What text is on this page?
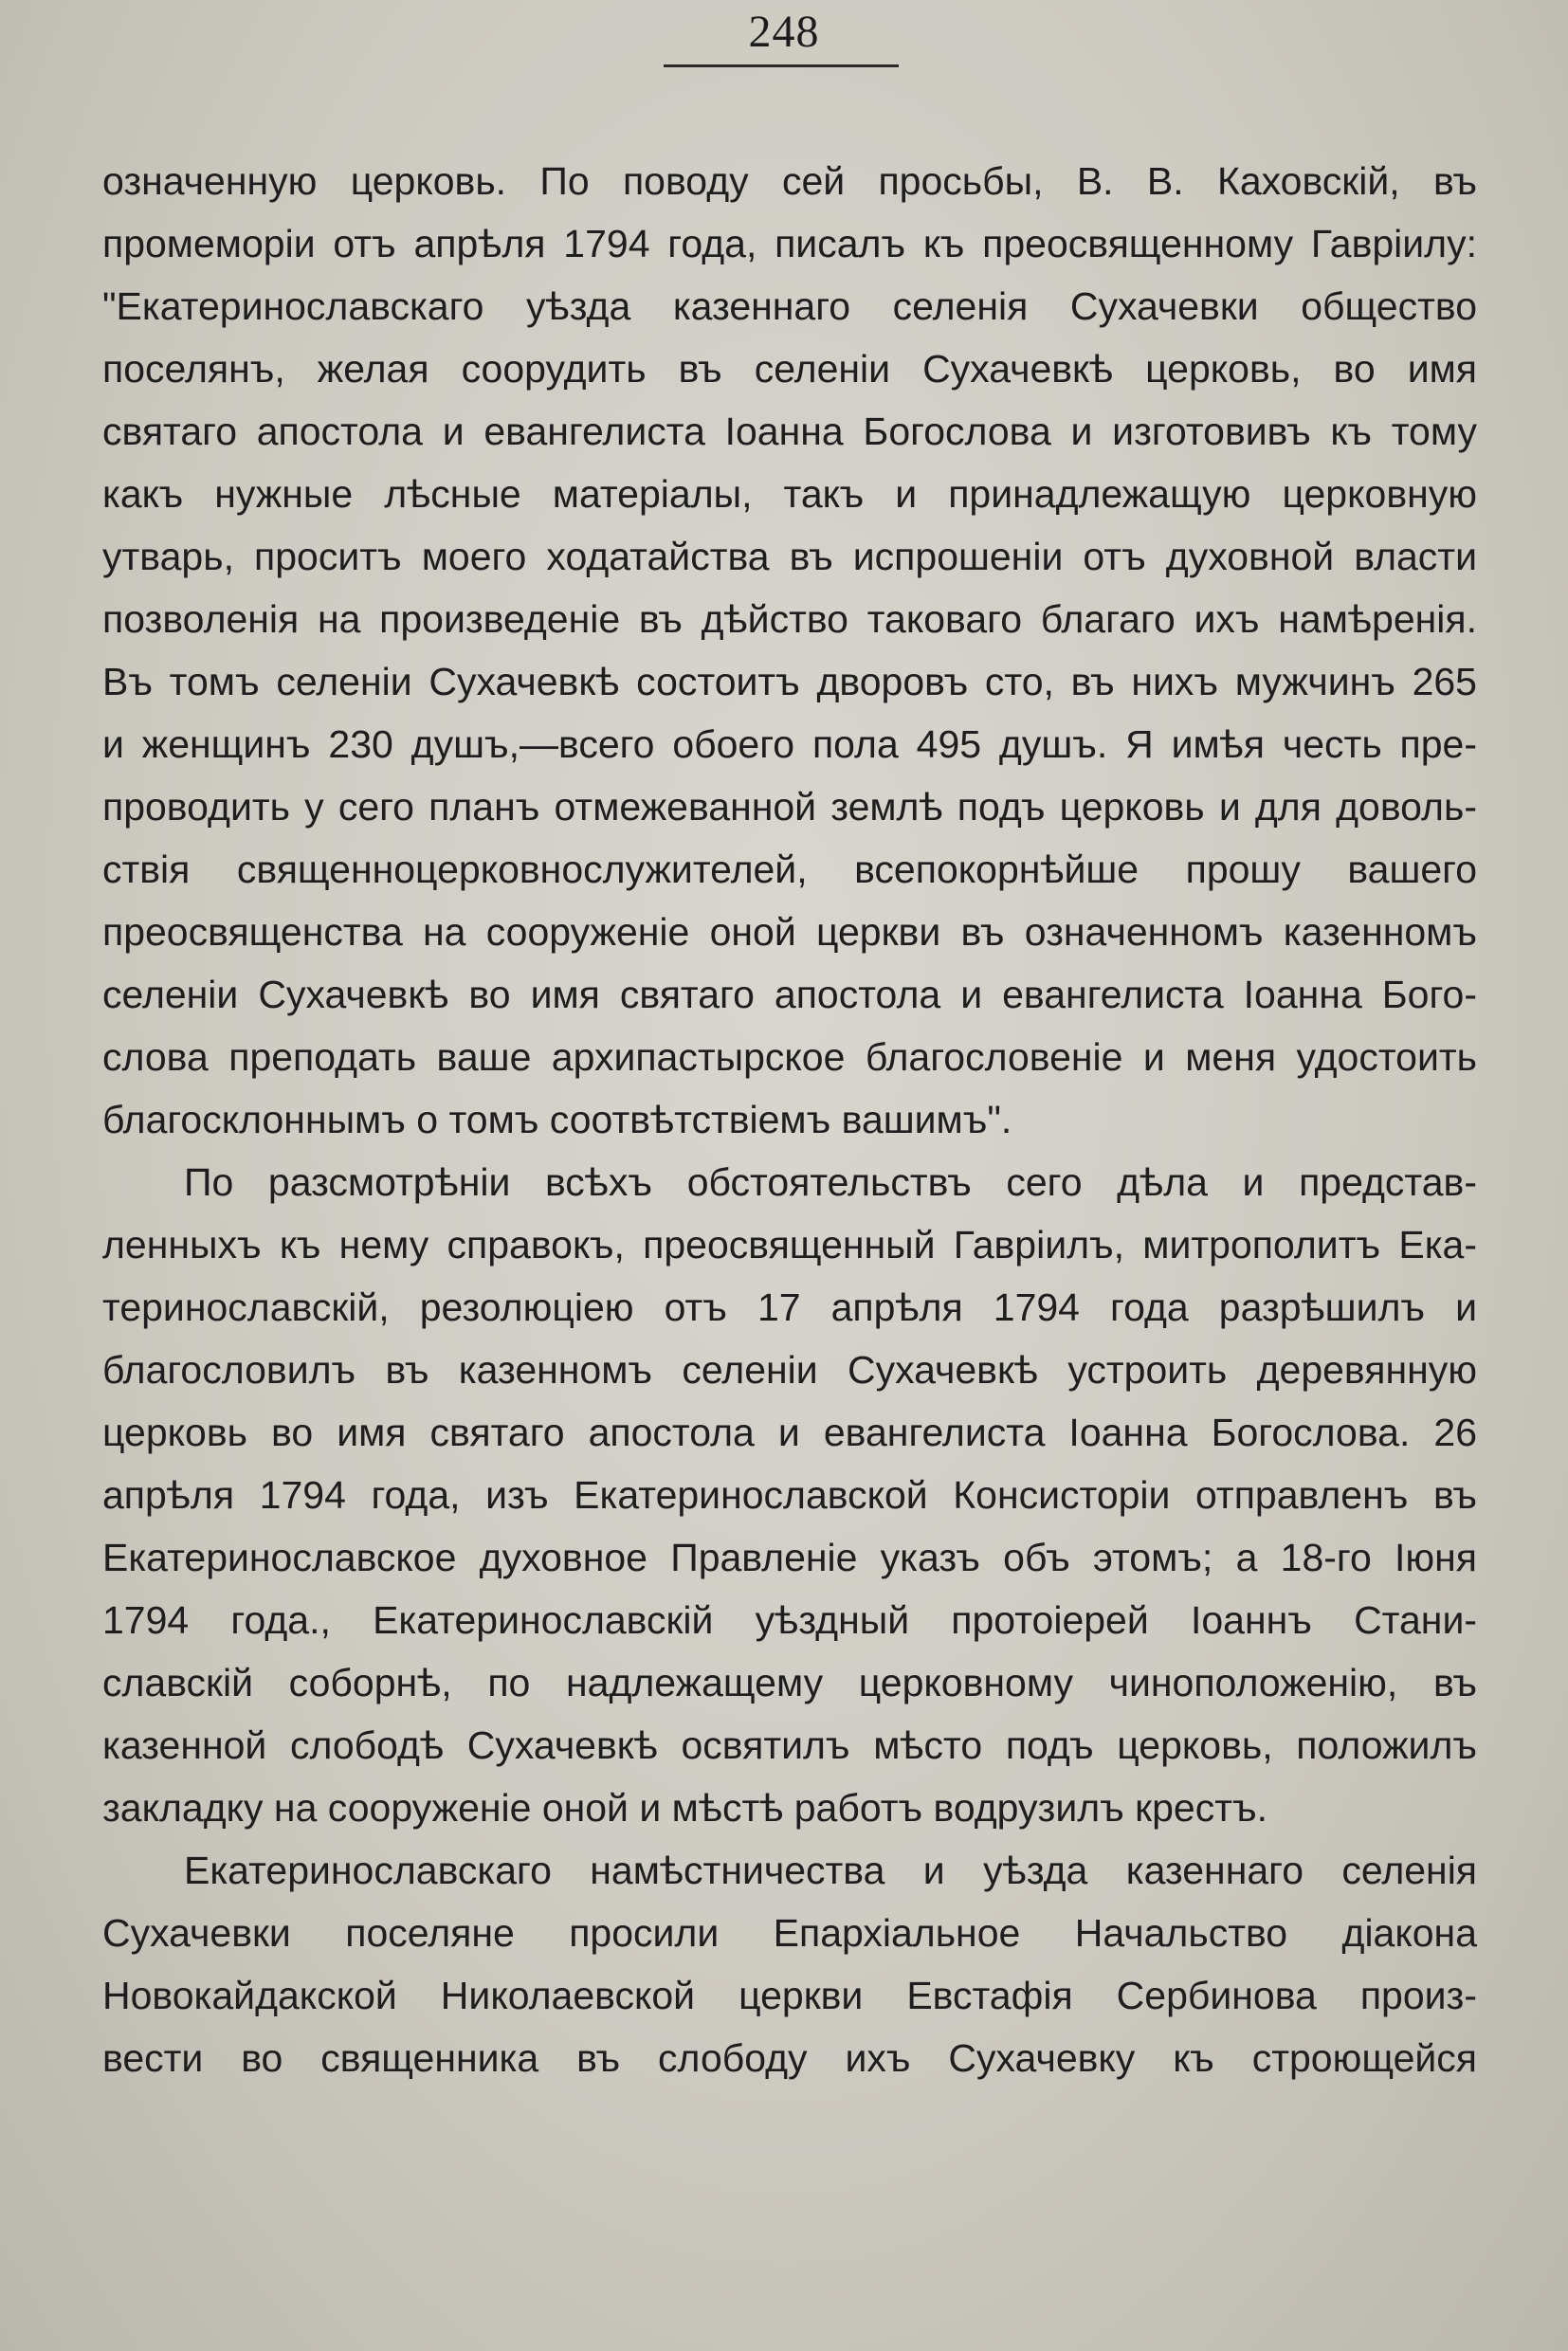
248
означенную церковь. По поводу сей просьбы, В. В. Каховскій, въ
промеморіи отъ апрѣля 1794 года, писалъ къ преосвященному Гавріилу:
"Екатеринославскаго уѣзда казеннаго селенія Сухачевки общество
поселянъ, желая соорудить въ селеніи Сухачевкѣ церковь, во имя
святаго апостола и евангелиста Іоанна Богослова и изготовивъ къ тому
какъ нужные лѣсные матеріалы, такъ и принадлежащую церковную
утварь, проситъ моего ходатайства въ испрошеніи отъ духовной власти
позволенія на произведеніе въ дѣйство таковаго благаго ихъ намѣренія.
Въ томъ селеніи Сухачевкѣ состоитъ дворовъ сто, въ нихъ мужчинъ 265
и женщинъ 230 душъ,—всего обоего пола 495 душъ. Я имѣя честь пре-
проводить у сего планъ отмежеванной землѣ подъ церковь и для доволь-
ствія священноцерковнослужителей, всепокорнѣйше прошу вашего
преосвященства на сооруженіе оной церкви въ означенномъ казенномъ
селеніи Сухачевкѣ во имя святаго апостола и евангелиста Іоанна Бого-
слова преподать ваше архипастырское благословеніе и меня удостоить
благосклоннымъ о томъ соотвѣтствіемъ вашимъ".
По разсмотрѣніи всѣхъ обстоятельствъ сего дѣла и представ-
ленныхъ къ нему справокъ, преосвященный Гавріилъ, митрополитъ Ека-
теринославскій, резолюціею отъ 17 апрѣля 1794 года разрѣшилъ и
благословилъ въ казенномъ селеніи Сухачевкѣ устроить деревянную
церковь во имя святаго апостола и евангелиста Іоанна Богослова. 26
апрѣля 1794 года, изъ Екатеринославской Консисторіи отправленъ въ
Екатеринославское духовное Правленіе указъ объ этомъ; а 18-го Іюня
1794 года., Екатеринославскій уѣздный протоіерей Іоаннъ Стани-
славскій соборнѣ, по надлежащему церковному чиноположенію, въ
казенной слободѣ Сухачевкѣ освятилъ мѣсто подъ церковь, положилъ
закладку на сооруженіе оной и мѣстѣ работъ водрузилъ крестъ.
Екатеринославскаго намѣстничества и уѣзда казеннаго селенія
Сухачевки поселяне просили Епархіальное Начальство діакона
Новокайдакской Николаевской церкви Евстафія Сербинова произ-
вести во священника въ слободу ихъ Сухачевку къ строющейся
